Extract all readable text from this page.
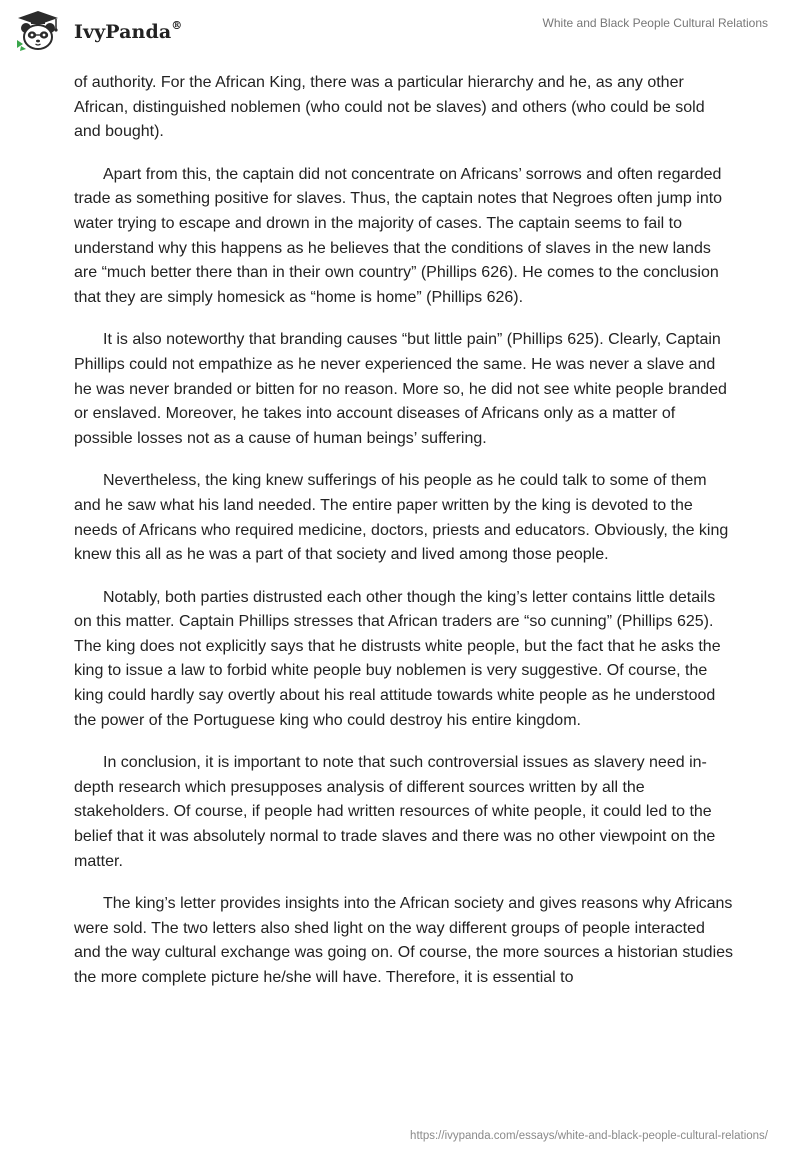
IvyPanda®	White and Black People Cultural Relations

of authority. For the African King, there was a particular hierarchy and he, as any other African, distinguished noblemen (who could not be slaves) and others (who could be sold and bought).

Apart from this, the captain did not concentrate on Africans’ sorrows and often regarded trade as something positive for slaves. Thus, the captain notes that Negroes often jump into water trying to escape and drown in the majority of cases. The captain seems to fail to understand why this happens as he believes that the conditions of slaves in the new lands are “much better there than in their own country” (Phillips 626). He comes to the conclusion that they are simply homesick as “home is home” (Phillips 626).

It is also noteworthy that branding causes “but little pain” (Phillips 625). Clearly, Captain Phillips could not empathize as he never experienced the same. He was never a slave and he was never branded or bitten for no reason. More so, he did not see white people branded or enslaved. Moreover, he takes into account diseases of Africans only as a matter of possible losses not as a cause of human beings’ suffering.

Nevertheless, the king knew sufferings of his people as he could talk to some of them and he saw what his land needed. The entire paper written by the king is devoted to the needs of Africans who required medicine, doctors, priests and educators. Obviously, the king knew this all as he was a part of that society and lived among those people.

Notably, both parties distrusted each other though the king’s letter contains little details on this matter. Captain Phillips stresses that African traders are “so cunning” (Phillips 625). The king does not explicitly says that he distrusts white people, but the fact that he asks the king to issue a law to forbid white people buy noblemen is very suggestive. Of course, the king could hardly say overtly about his real attitude towards white people as he understood the power of the Portuguese king who could destroy his entire kingdom.

In conclusion, it is important to note that such controversial issues as slavery need in-depth research which presupposes analysis of different sources written by all the stakeholders. Of course, if people had written resources of white people, it could led to the belief that it was absolutely normal to trade slaves and there was no other viewpoint on the matter.

The king’s letter provides insights into the African society and gives reasons why Africans were sold. The two letters also shed light on the way different groups of people interacted and the way cultural exchange was going on. Of course, the more sources a historian studies the more complete picture he/she will have. Therefore, it is essential to

https://ivypanda.com/essays/white-and-black-people-cultural-relations/
